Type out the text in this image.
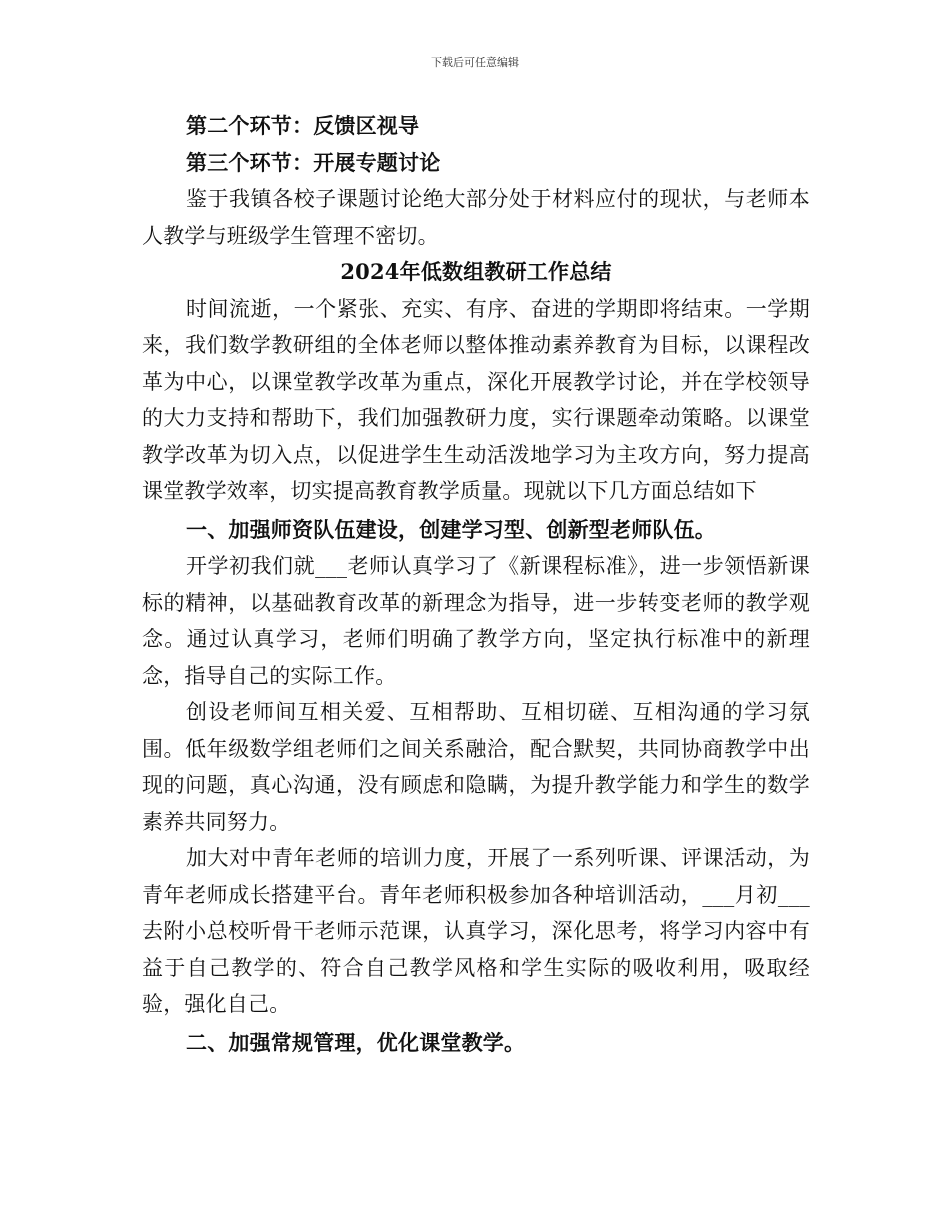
下载后可任意编辑

第二个环节：反馈区视导

第三个环节：开展专题讨论

鉴于我镇各校子课题讨论绝大部分处于材料应付的现状，与老师本人教学与班级学生管理不密切。

2024年低数组教研工作总结

时间流逝，一个紧张、充实、有序、奋进的学期即将结束。一学期来，我们数学教研组的全体老师以整体推动素养教育为目标，以课程改革为中心，以课堂教学改革为重点，深化开展教学讨论，并在学校领导的大力支持和帮助下，我们加强教研力度，实行课题牵动策略。以课堂教学改革为切入点，以促进学生生动活泼地学习为主攻方向，努力提高课堂教学效率，切实提高教育教学质量。现就以下几方面总结如下

一、加强师资队伍建设，创建学习型、创新型老师队伍。

开学初我们就___老师认真学习了《新课程标准》，进一步领悟新课标的精神，以基础教育改革的新理念为指导，进一步转变老师的教学观念。通过认真学习，老师们明确了教学方向，坚定执行标准中的新理念，指导自己的实际工作。

创设老师间互相关爱、互相帮助、互相切磋、互相沟通的学习氛围。低年级数学组老师们之间关系融洽，配合默契，共同协商教学中出现的问题，真心沟通，没有顾虑和隐瞒，为提升教学能力和学生的数学素养共同努力。

加大对中青年老师的培训力度，开展了一系列听课、评课活动，为青年老师成长搭建平台。青年老师积极参加各种培训活动，___月初___去附小总校听骨干老师示范课，认真学习，深化思考，将学习内容中有益于自己教学的、符合自己教学风格和学生实际的吸收利用，吸取经验，强化自己。

二、加强常规管理，优化课堂教学。
